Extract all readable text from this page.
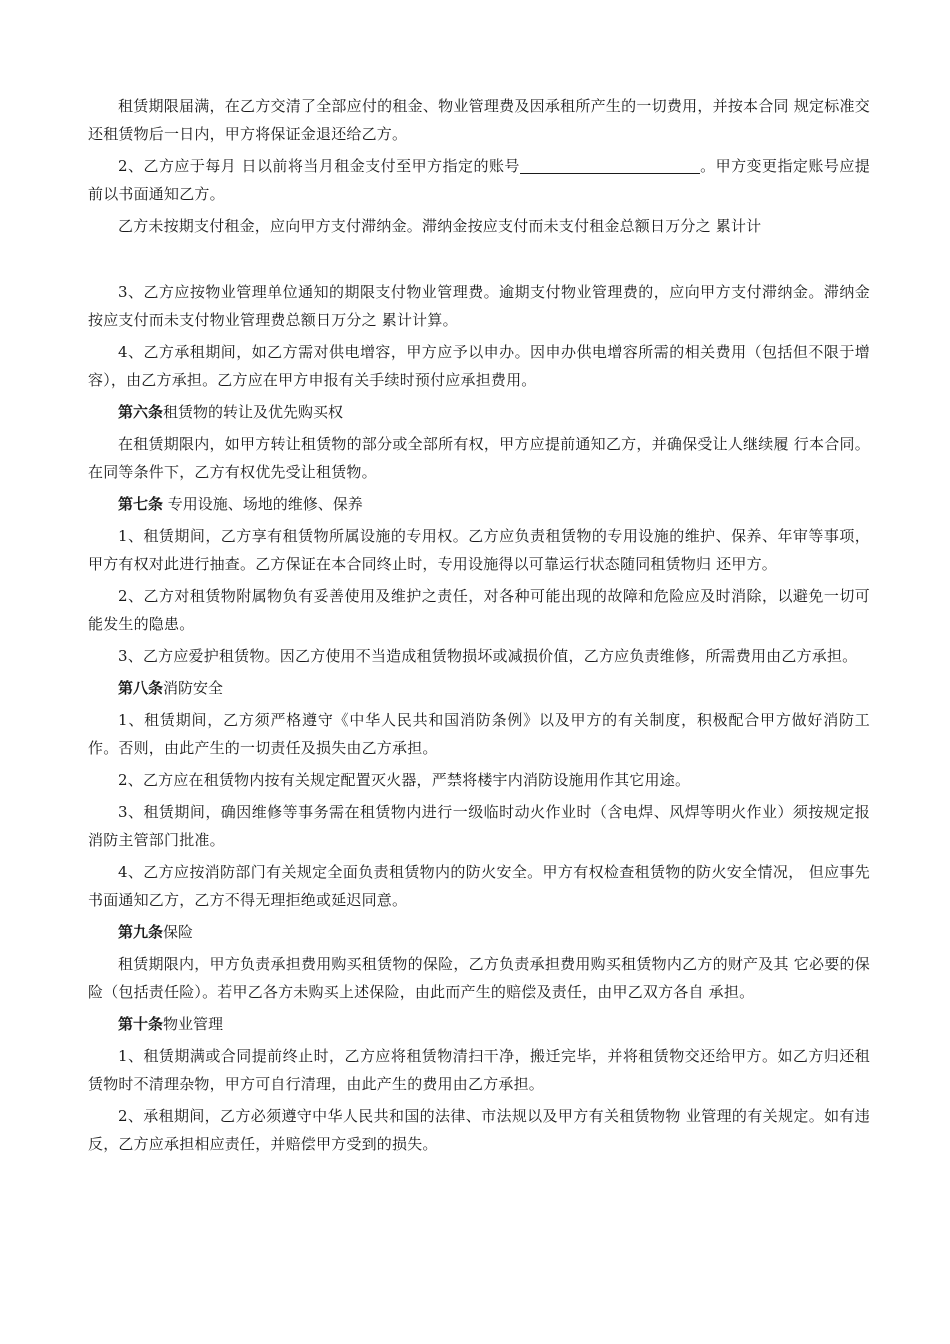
租赁期限届满，在乙方交清了全部应付的租金、物业管理费及因承租所产生的一切费用，并按本合同 规定标准交还租赁物后一日内，甲方将保证金退还给乙方。

2、乙方应于每月 日以前将当月租金支付至甲方指定的账号	。甲方变更指定账号应提前以书面通知乙方。

乙方未按期支付租金，应向甲方支付滞纳金。滞纳金按应支付而未支付租金总额日万分之 累计计

3、乙方应按物业管理单位通知的期限支付物业管理费。逾期支付物业管理费的，应向甲方支付滞纳金。滞纳金按应支付而未支付物业管理费总额日万分之 累计计算。

4、乙方承租期间，如乙方需对供电增容，甲方应予以申办。因申办供电增容所需的相关费用（包括但不限于增容），由乙方承担。乙方应在甲方申报有关手续时预付应承担费用。

第六条租赁物的转让及优先购买权

在租赁期限内，如甲方转让租赁物的部分或全部所有权，甲方应提前通知乙方，并确保受让人继续履 行本合同。在同等条件下，乙方有权优先受让租赁物。

第七条 专用设施、场地的维修、保养

1、租赁期间，乙方享有租赁物所属设施的专用权。乙方应负责租赁物的专用设施的维护、保养、年审等事项，甲方有权对此进行抽查。乙方保证在本合同终止时，专用设施得以可靠运行状态随同租赁物归 还甲方。

2、乙方对租赁物附属物负有妥善使用及维护之责任，对各种可能出现的故障和危险应及时消除，以避免一切可能发生的隐患。

3、乙方应爱护租赁物。因乙方使用不当造成租赁物损坏或减损价值，乙方应负责维修，所需费用由乙方承担。

第八条消防安全

1、租赁期间，乙方须严格遵守《中华人民共和国消防条例》以及甲方的有关制度，积极配合甲方做好消防工作。否则，由此产生的一切责任及损失由乙方承担。

2、乙方应在租赁物内按有关规定配置灭火器，严禁将楼宇内消防设施用作其它用途。

3、租赁期间，确因维修等事务需在租赁物内进行一级临时动火作业时（含电焊、风焊等明火作业）须按规定报消防主管部门批准。

4、乙方应按消防部门有关规定全面负责租赁物内的防火安全。甲方有权检查租赁物的防火安全情况， 但应事先书面通知乙方，乙方不得无理拒绝或延迟同意。

第九条保险

租赁期限内，甲方负责承担费用购买租赁物的保险，乙方负责承担费用购买租赁物内乙方的财产及其 它必要的保险（包括责任险）。若甲乙各方未购买上述保险，由此而产生的赔偿及责任，由甲乙双方各自 承担。

第十条物业管理

1、租赁期满或合同提前终止时，乙方应将租赁物清扫干净，搬迁完毕，并将租赁物交还给甲方。如乙方归还租赁物时不清理杂物，甲方可自行清理，由此产生的费用由乙方承担。

2、承租期间，乙方必须遵守中华人民共和国的法律、市法规以及甲方有关租赁物物 业管理的有关规定。如有违反，乙方应承担相应责任，并赔偿甲方受到的损失。
